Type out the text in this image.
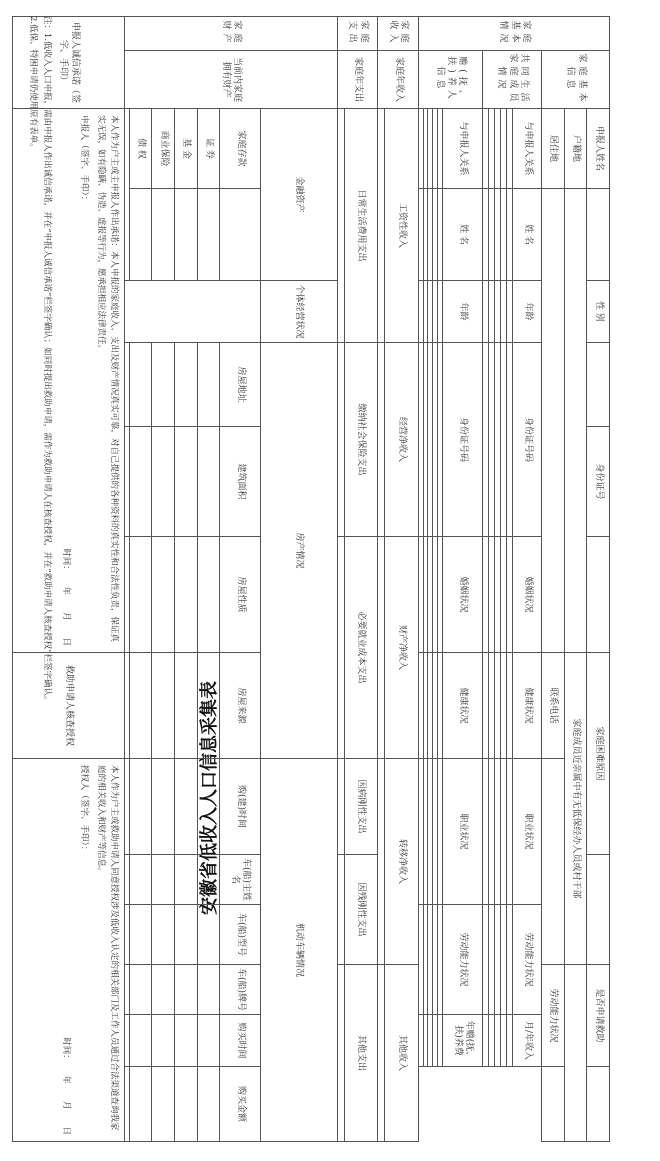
安徽省低收入人口信息采集表
家庭基本情况	家庭基本信息	申报人姓名		性 别		身份证号		家庭困难原因				是否申请救助			
		户籍地						家庭成员近亲属中有无低保经办人员或村干部							
		居住地						联系电话				劳动能力状况			
	共同生活家庭成员情况	与申报人关系	姓 名	年龄	身份证号码		婚姻状况	健康状况	职业状况		劳动能力状况		月/年收入		

	赡(抚、扶)养人信息	与申报人关系	姓 名	年龄	身份证号码		婚姻状况	健康状况	职业状况		劳动能力状况		年赡(抚、扶)养费		

家庭收入	家庭年收入	工资性收入			经营净收入		财产净收入		转移净收入			其他收入			

家庭支出	家庭年支出	日常生活费用支出			缴纳社会保险支出		必要就业成本支出		因病刚性支出	因残刚性支出		其他支出			

家庭财产	当前内家庭拥有财产	金融资产		个体经营状况	房产情况				机动车辆情况	
		家庭存款			房屋地址	建筑面积	房屋性质	房屋来源	购(建)时间	车(船)主姓名	车(船)型号	车(船)牌号	购买时间	购买金额	
		证 券													
		基 金													
		商业保险													
		债 权													

申报人诚信承诺（签字、手印）		本人作为户主或主申报人作出承诺：本人申报的家庭收入、支出及财产情况真实可靠，对自己提供的各种资料的真实性和合法性负责，保证真实无误，如有隐瞒、伪造、虚报等行为，愿承担相应法律责任。
申报人（签字、手印）：
时间：　　年　　月　　日						救助申请人核查授权	本人作为户主或救助申请人同意授权涉及低收入认定的相关部门及工作人员通过合法渠道查询我家庭的相关收入和财产等信息。
授权人（签字、手印）：
时间：　　年　　月　　日						
注：1.低收入人口申报，需由申报人作出诚信承诺，并在“申报人诚信承诺”栏签字确认；如同时提出救助申请，需作为救助申请人在核查授权，并在“救助申请人核查授权”栏签字确认。
2.低保、特困申请仍使用原有表单。
